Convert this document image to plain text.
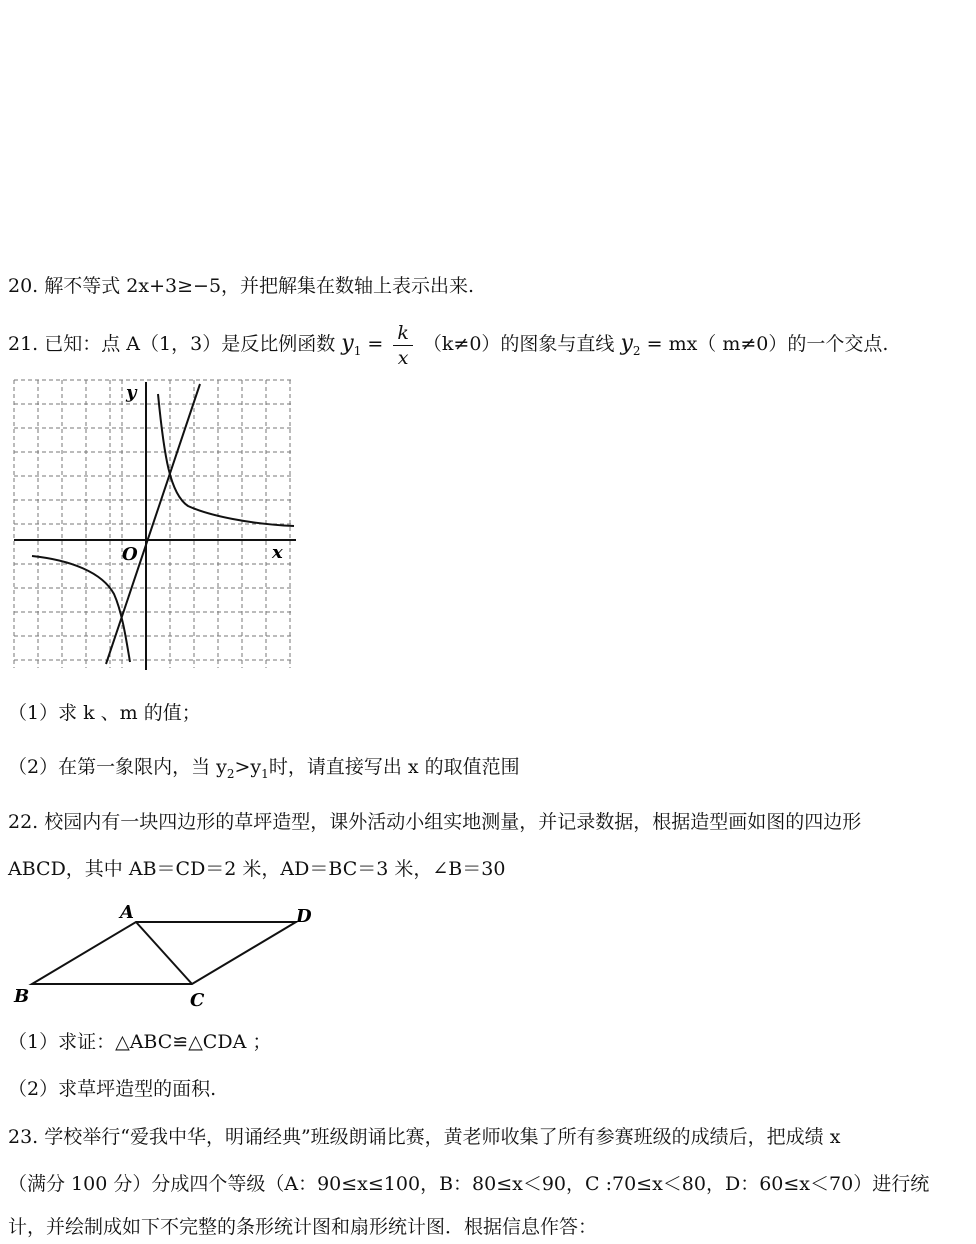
20. 解不等式 2x+3≥−5，并把解集在数轴上表示出来.
21. 已知：点 A（1，3）是反比例函数 $y_1 = \frac{k}{x} (k\ne 0)$的图象与直线 $y_2 = mx$（ m≠0）的一个交点.
y
x
O
（1）求 k 、m 的值；
（2）在第一象限内，当 $y_2>y_1$时，请直接写出 x 的取值范围
22. 校园内有一块四边形的草坪造型，课外活动小组实地测量，并记录数据，根据造型画如图的四边形
ABCD，其中 AB＝CD＝2 米，AD＝BC＝3 米，∠B＝30
A
B	C
D
（1）求证：△ABC≌△CDA ；
（2）求草坪造型的面积.
23. 学校举行“爱我中华，明诵经典”班级朗诵比赛，黄老师收集了所有参赛班级的成绩后，把成绩 x
（满分 100 分）分成四个等级（A：90≤x≤100，B：80≤x＜90，C :70≤x＜80，D：60≤x＜70）进行统
计，并绘制成如下不完整的条形统计图和扇形统计图．根据信息作答：
